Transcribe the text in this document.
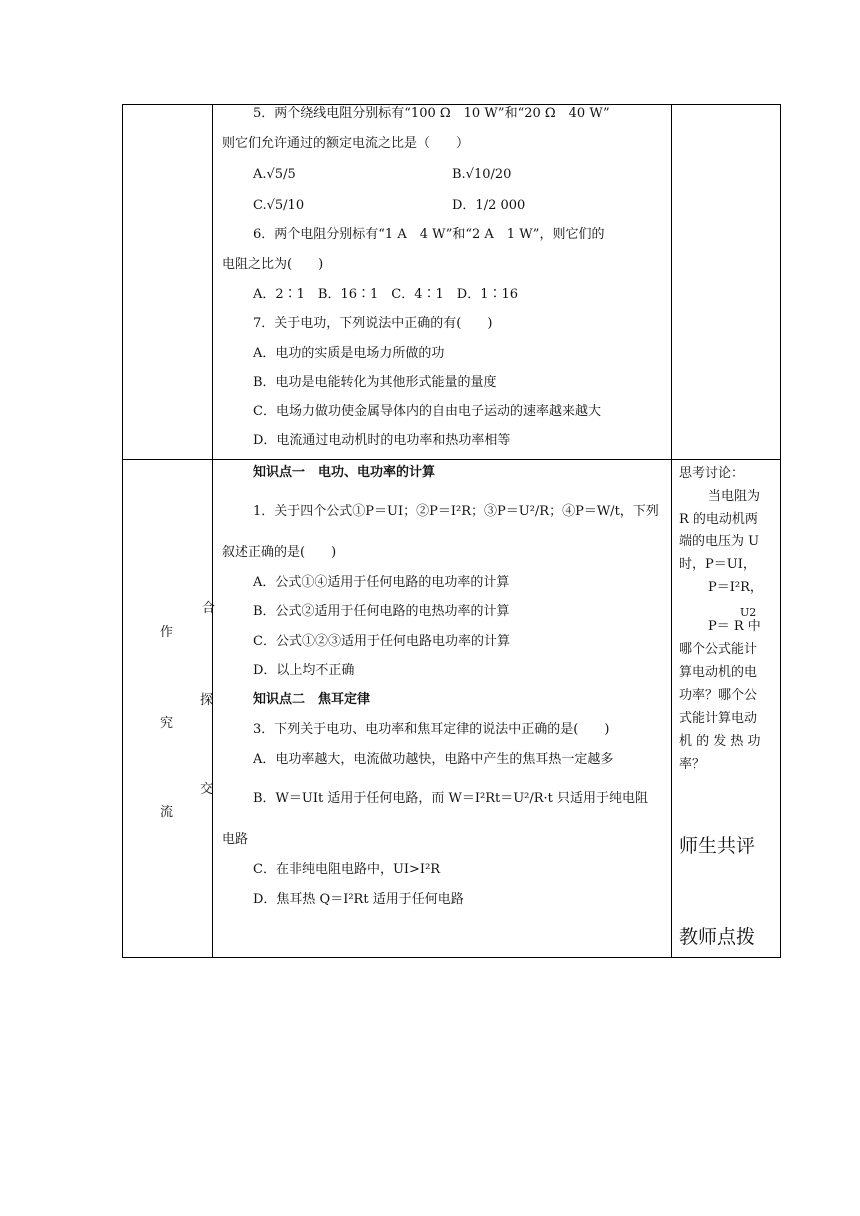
5．两个绕线电阻分别标有“100 Ω　10 W”和“20 Ω　40 W”
则它们允许通过的额定电流之比是（　　）
A.√5/5	B.√10/20
C.√5/10	D．1/2 000
6．两个电阻分别标有“1 A　4 W”和“2 A　1 W”，则它们的
电阻之比为(　　)
A．2∶1　B．16∶1　C．4∶1　D．1∶16
7．关于电功，下列说法中正确的有(　　)
A．电功的实质是电场力所做的功
B．电功是电能转化为其他形式能量的量度
C．电场力做功使金属导体内的自由电子运动的速率越来越大
D．电流通过电动机时的电功率和热功率相等
合
作
探
究
交
流
知识点一　电功、电功率的计算
1．关于四个公式①P＝UI；②P＝I²R；③P＝U²/R；④P＝W/t，下列
叙述正确的是(　　)
A．公式①④适用于任何电路的电功率的计算
B．公式②适用于任何电路的电热功率的计算
C．公式①②③适用于任何电路电功率的计算
D．以上均不正确
知识点二　焦耳定律
3．下列关于电功、电功率和焦耳定律的说法中正确的是(　　)
A．电功率越大，电流做功越快，电路中产生的焦耳热一定越多
B．W＝UIt 适用于任何电路，而 W＝I²Rt＝U²/R·t 只适用于纯电阻
电路
C．在非纯电阻电路中，UI>I²R
D．焦耳热 Q＝I²Rt 适用于任何电路
思考讨论：
当电阻为
R 的电动机两
端的电压为 U
时，P＝UI，
P＝I²R，
U2
P＝ R 中
哪个公式能计
算电动机的电
功率？哪个公
式能计算电动
机 的 发 热 功
率？
师生共评
教师点拨
